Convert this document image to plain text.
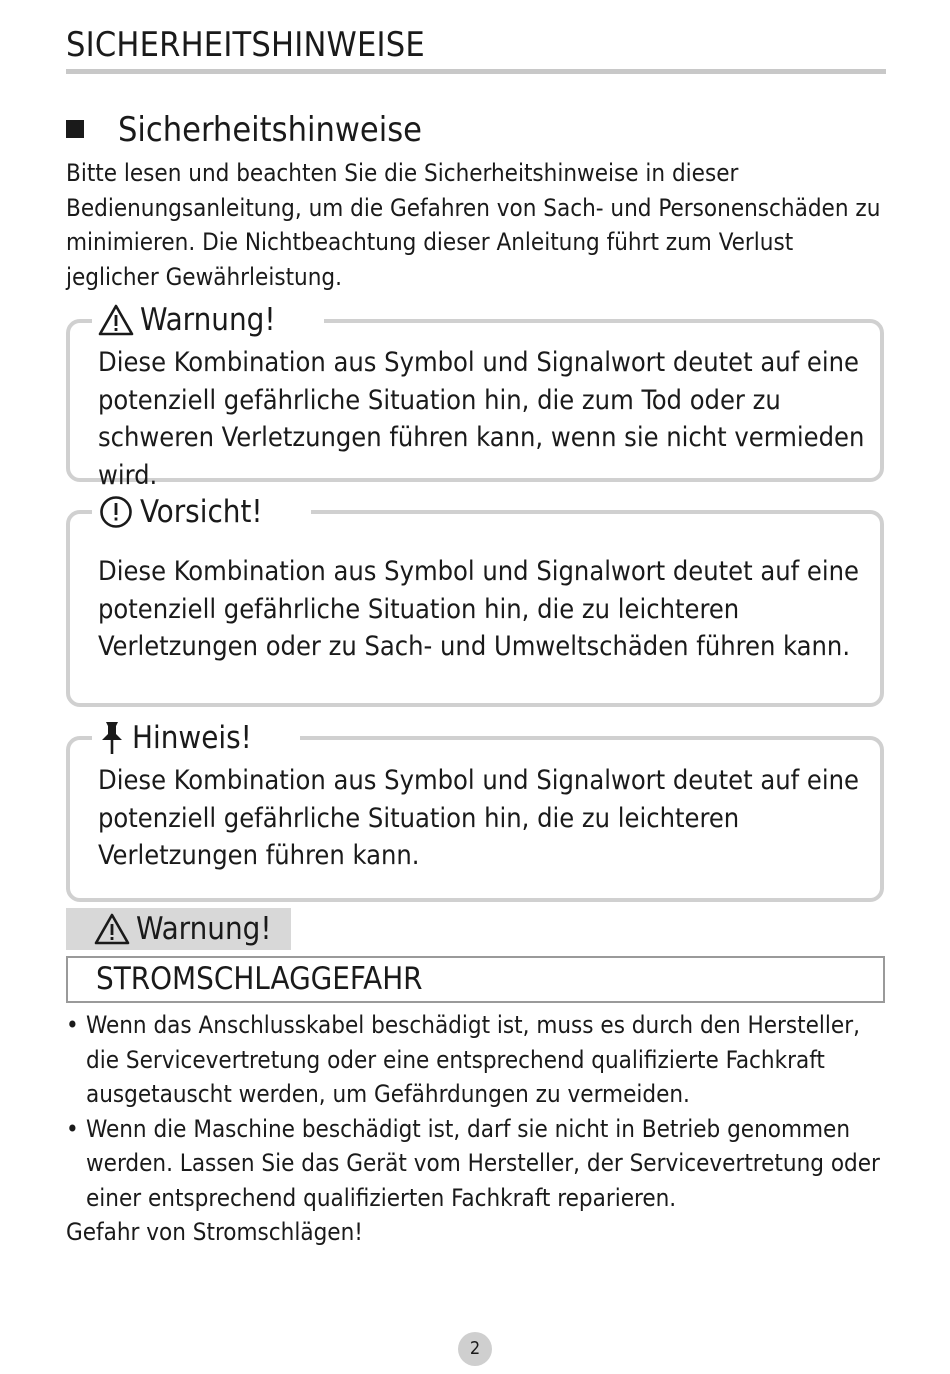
SICHERHEITSHINWEISE
Sicherheitshinweise
Bitte lesen und beachten Sie die Sicherheitshinweise in dieser Bedienungsanleitung, um die Gefahren von Sach- und Personenschäden zu minimieren. Die Nichtbeachtung dieser Anleitung führt zum Verlust jeglicher Gewährleistung.
Warnung!
Diese Kombination aus Symbol und Signalwort deutet auf eine potenziell gefährliche Situation hin, die zum Tod oder zu schweren Verletzungen führen kann, wenn sie nicht vermieden wird.
Vorsicht!
Diese Kombination aus Symbol und Signalwort deutet auf eine potenziell gefährliche Situation hin, die zu leichteren Verletzungen oder zu Sach- und Umweltschäden führen kann.
Hinweis!
Diese Kombination aus Symbol und Signalwort deutet auf eine potenziell gefährliche Situation hin, die zu leichteren Verletzungen führen kann.
Warnung!
STROMSCHLAGGEFAHR
• Wenn das Anschlusskabel beschädigt ist, muss es durch den Hersteller, die Servicevertretung oder eine entsprechend qualifizierte Fachkraft ausgetauscht werden, um Gefährdungen zu vermeiden.
• Wenn die Maschine beschädigt ist, darf sie nicht in Betrieb genommen werden. Lassen Sie das Gerät vom Hersteller, der Servicevertretung oder einer entsprechend qualifizierten Fachkraft reparieren.
Gefahr von Stromschlägen!
2
